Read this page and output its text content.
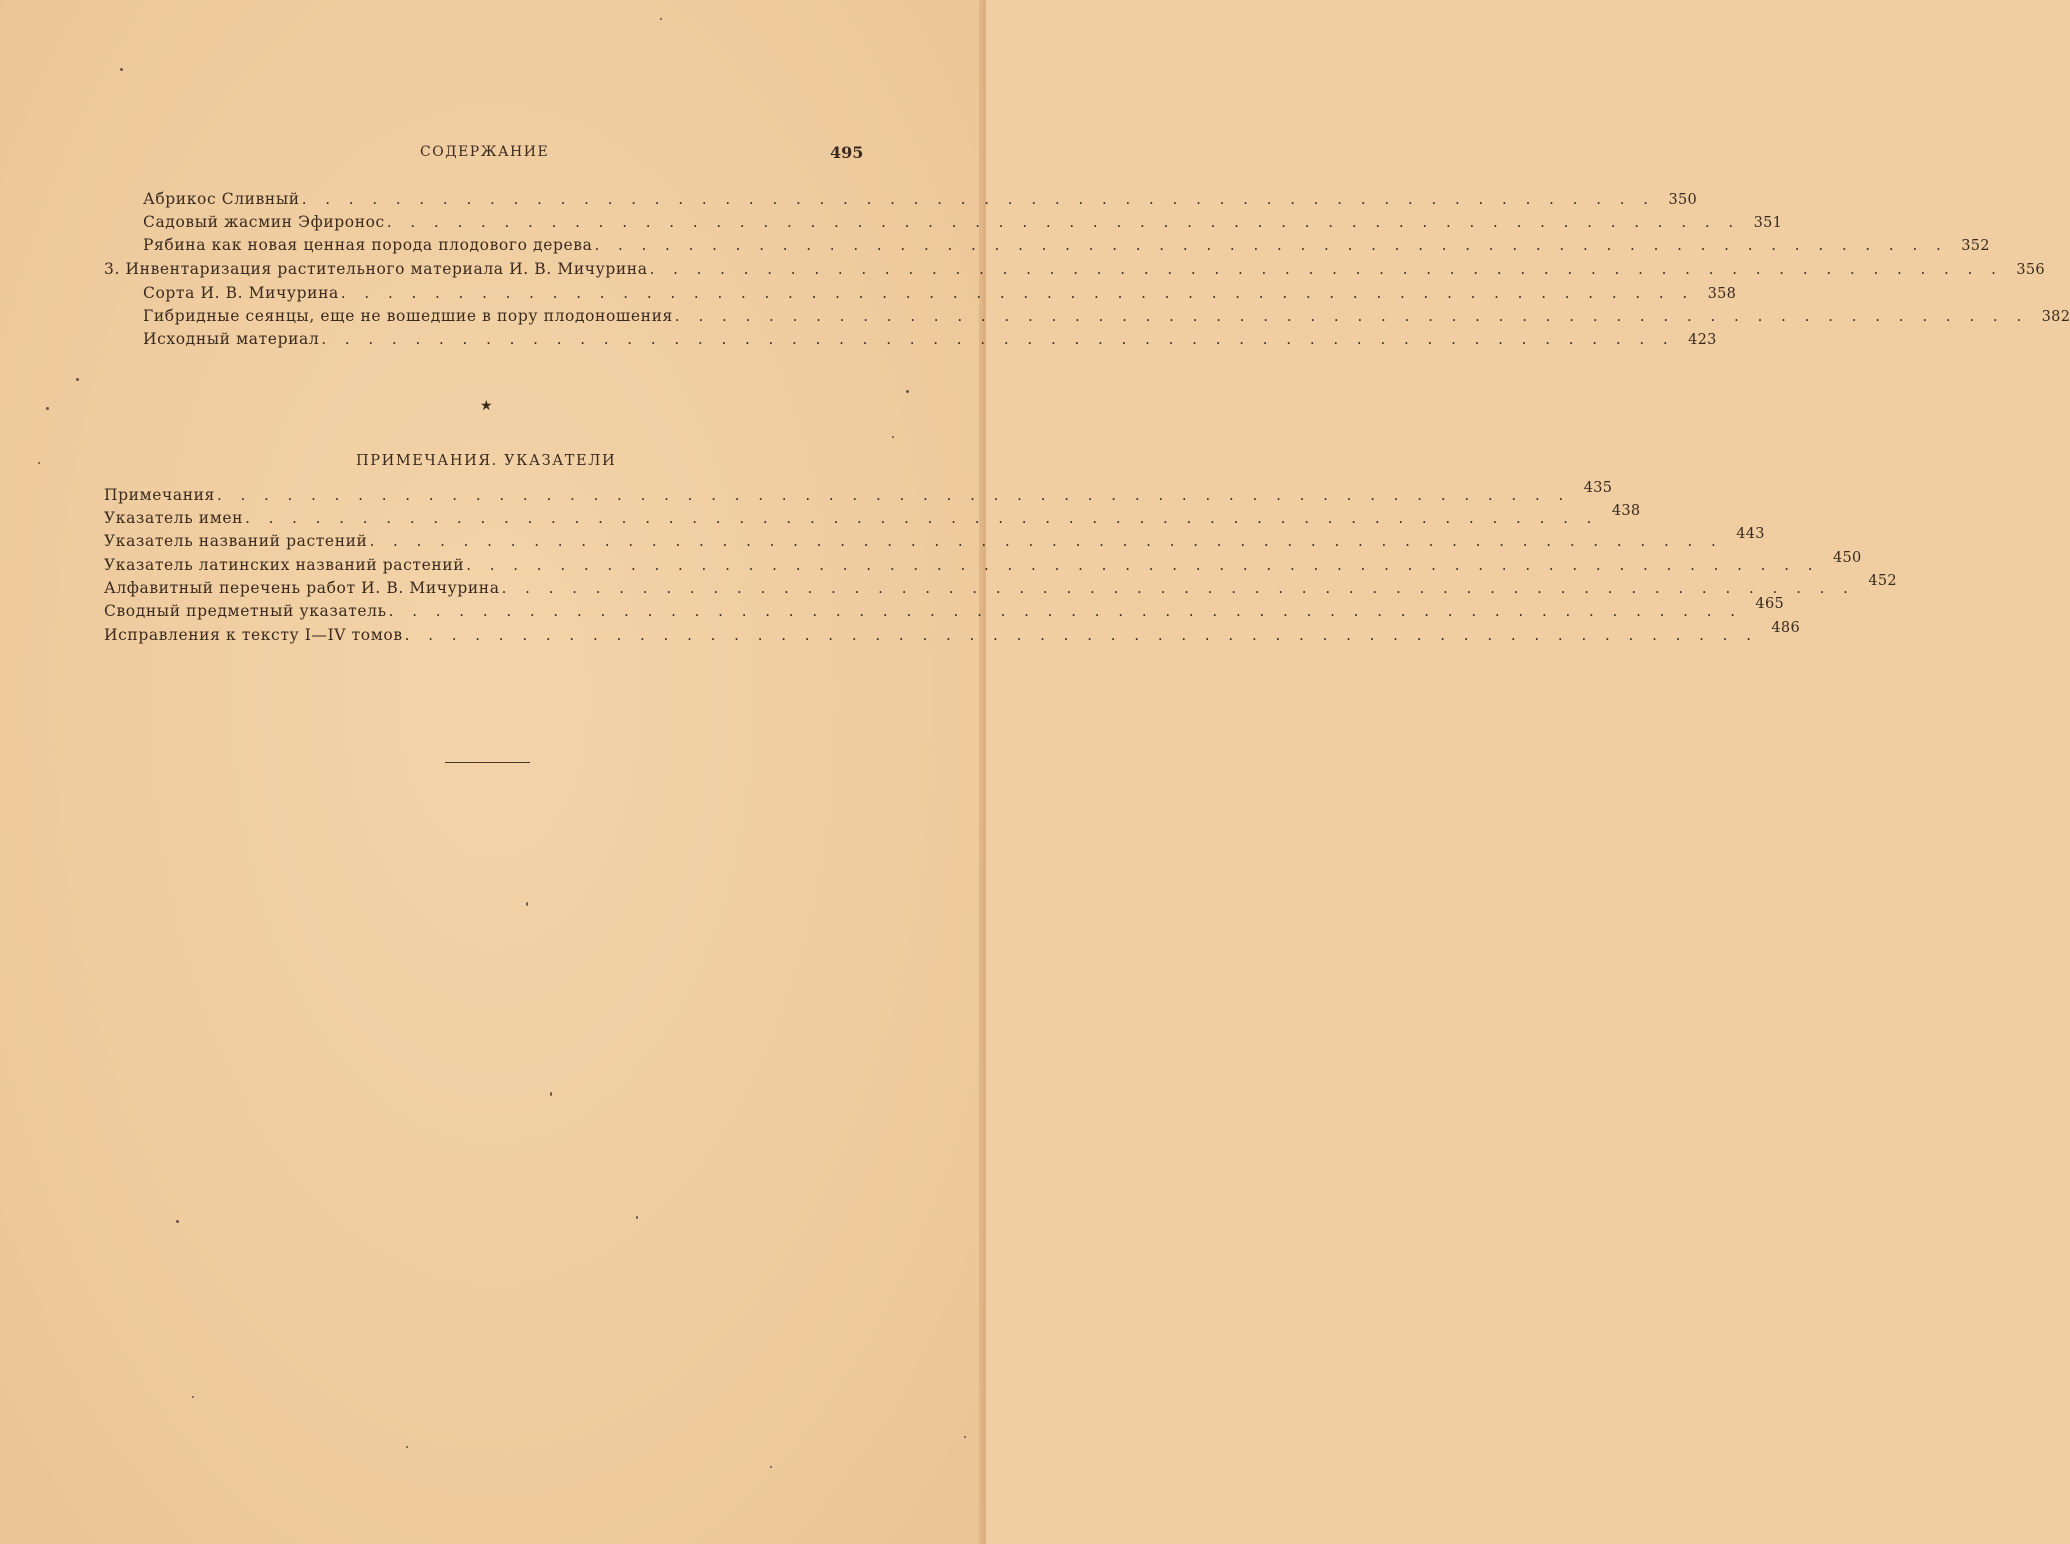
СОДЕРЖАНИЕ	495
Абрикос Сливный . . . . . . . . . . . . . . . . . . . . . . . . . . . . . . . . . . . . . . . . . . . . . . . . . . . . . . . . . . 350
Садовый жасмин Эфиронос . . . . . . . . . . . . . . . . . . . . . . . . . . . . . . . . . . . . . . . . . . . . . . . . . . . . . . . . . . 351
Рябина как новая ценная порода плодового дерева . . . . . . . . . . . . . . . . . . . . . . . . . . . . . . . . . . . . . . . . . . . . . . . . . . . . . . . . . . 352
3. Инвентаризация растительного материала И. В. Мичурина . . . . . . . . . . . . . . . . . . . . . . . . . . . . . . . . . . . . . . . . . . . . . . . . . . . . . . . . . . 356
Сорта И. В. Мичурина . . . . . . . . . . . . . . . . . . . . . . . . . . . . . . . . . . . . . . . . . . . . . . . . . . . . . . . . . . 358
Гибридные сеянцы, еще не вошедшие в пору плодоношения . . . . . . . . . . . . . . . . . . . . . . . . . . . . . . . . . . . . . . . . . . . . . . . . . . . . . . . . . . 382
Исходный материал . . . . . . . . . . . . . . . . . . . . . . . . . . . . . . . . . . . . . . . . . . . . . . . . . . . . . . . . . . 423
★
ПРИМЕЧАНИЯ. УКАЗАТЕЛИ
Примечания . . . . . . . . . . . . . . . . . . . . . . . . . . . . . . . . . . . . . . . . . . . . . . . . . . . . . . . . . . 435
Указатель имен . . . . . . . . . . . . . . . . . . . . . . . . . . . . . . . . . . . . . . . . . . . . . . . . . . . . . . . . . . 438
Указатель названий растений . . . . . . . . . . . . . . . . . . . . . . . . . . . . . . . . . . . . . . . . . . . . . . . . . . . . . . . . . . 443
Указатель латинских названий растений . . . . . . . . . . . . . . . . . . . . . . . . . . . . . . . . . . . . . . . . . . . . . . . . . . . . . . . . . . 450
Алфавитный перечень работ И. В. Мичурина . . . . . . . . . . . . . . . . . . . . . . . . . . . . . . . . . . . . . . . . . . . . . . . . . . . . . . . . . . 452
Сводный предметный указатель . . . . . . . . . . . . . . . . . . . . . . . . . . . . . . . . . . . . . . . . . . . . . . . . . . . . . . . . . . 465
Исправления к тексту I—IV томов . . . . . . . . . . . . . . . . . . . . . . . . . . . . . . . . . . . . . . . . . . . . . . . . . . . . . . . . . . 486
